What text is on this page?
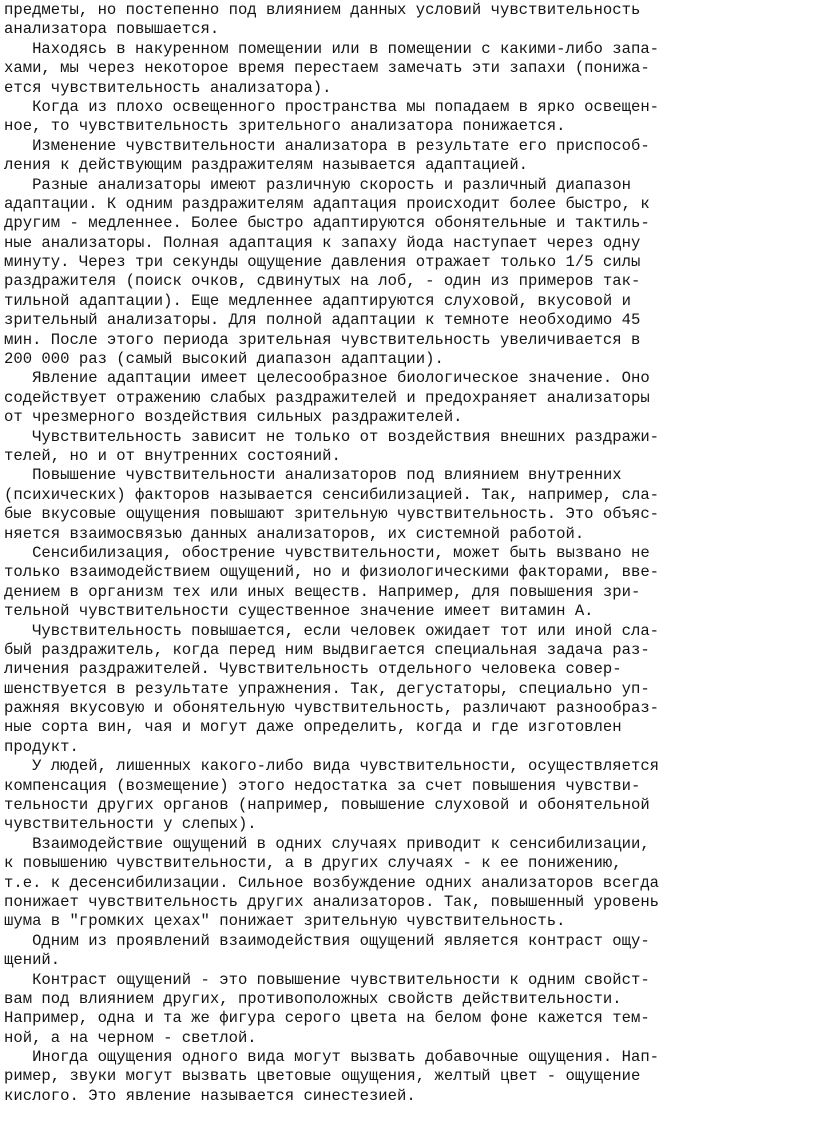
предметы, но постепенно под влиянием данных условий чувствительность
анализатора повышается.
Находясь в накуренном помещении или в помещении с какими-либо запа-
хами, мы через некоторое время перестаем замечать эти запахи (понижа-
ется чувствительность анализатора).
Когда из плохо освещенного пространства мы попадаем в ярко освещен-
ное, то чувствительность зрительного анализатора понижается.
Изменение чувствительности анализатора в результате его приспособ-
ления к действующим раздражителям называется адаптацией.
Разные анализаторы имеют различную скорость и различный диапазон
адаптации. К одним раздражителям адаптация происходит более быстро, к
другим - медленнее. Более быстро адаптируются обонятельные и тактиль-
ные анализаторы. Полная адаптация к запаху йода наступает через одну
минуту. Через три секунды ощущение давления отражает только 1/5 силы
раздражителя (поиск очков, сдвинутых на лоб, - один из примеров так-
тильной адаптации). Еще медленнее адаптируются слуховой, вкусовой и
зрительный анализаторы. Для полной адаптации к темноте необходимо 45
мин. После этого периода зрительная чувствительность увеличивается в
200 000 раз (самый высокий диапазон адаптации).
Явление адаптации имеет целесообразное биологическое значение. Оно
содействует отражению слабых раздражителей и предохраняет анализаторы
от чрезмерного воздействия сильных раздражителей.
Чувствительность зависит не только от воздействия внешних раздражи-
телей, но и от внутренних состояний.
Повышение чувствительности анализаторов под влиянием внутренних
(психических) факторов называется сенсибилизацией. Так, например, сла-
бые вкусовые ощущения повышают зрительную чувствительность. Это объяс-
няется взаимосвязью данных анализаторов, их системной работой.
Сенсибилизация, обострение чувствительности, может быть вызвано не
только взаимодействием ощущений, но и физиологическими факторами, вве-
дением в организм тех или иных веществ. Например, для повышения зри-
тельной чувствительности существенное значение имеет витамин А.
Чувствительность повышается, если человек ожидает тот или иной сла-
бый раздражитель, когда перед ним выдвигается специальная задача раз-
личения раздражителей. Чувствительность отдельного человека совер-
шенствуется в результате упражнения. Так, дегустаторы, специально уп-
ражняя вкусовую и обонятельную чувствительность, различают разнообраз-
ные сорта вин, чая и могут даже определить, когда и где изготовлен
продукт.
У людей, лишенных какого-либо вида чувствительности, осуществляется
компенсация (возмещение) этого недостатка за счет повышения чувстви-
тельности других органов (например, повышение слуховой и обонятельной
чувствительности у слепых).
Взаимодействие ощущений в одних случаях приводит к сенсибилизации,
к повышению чувствительности, а в других случаях - к ее понижению,
т.е. к десенсибилизации. Сильное возбуждение одних анализаторов всегда
понижает чувствительность других анализаторов. Так, повышенный уровень
шума в "громких цехах" понижает зрительную чувствительность.
Одним из проявлений взаимодействия ощущений является контраст ощу-
щений.
Контраст ощущений - это повышение чувствительности к одним свойст-
вам под влиянием других, противоположных свойств действительности.
Например, одна и та же фигура серого цвета на белом фоне кажется тем-
ной, а на черном - светлой.
Иногда ощущения одного вида могут вызвать добавочные ощущения. Нап-
ример, звуки могут вызвать цветовые ощущения, желтый цвет - ощущение
кислого. Это явление называется синестезией.
